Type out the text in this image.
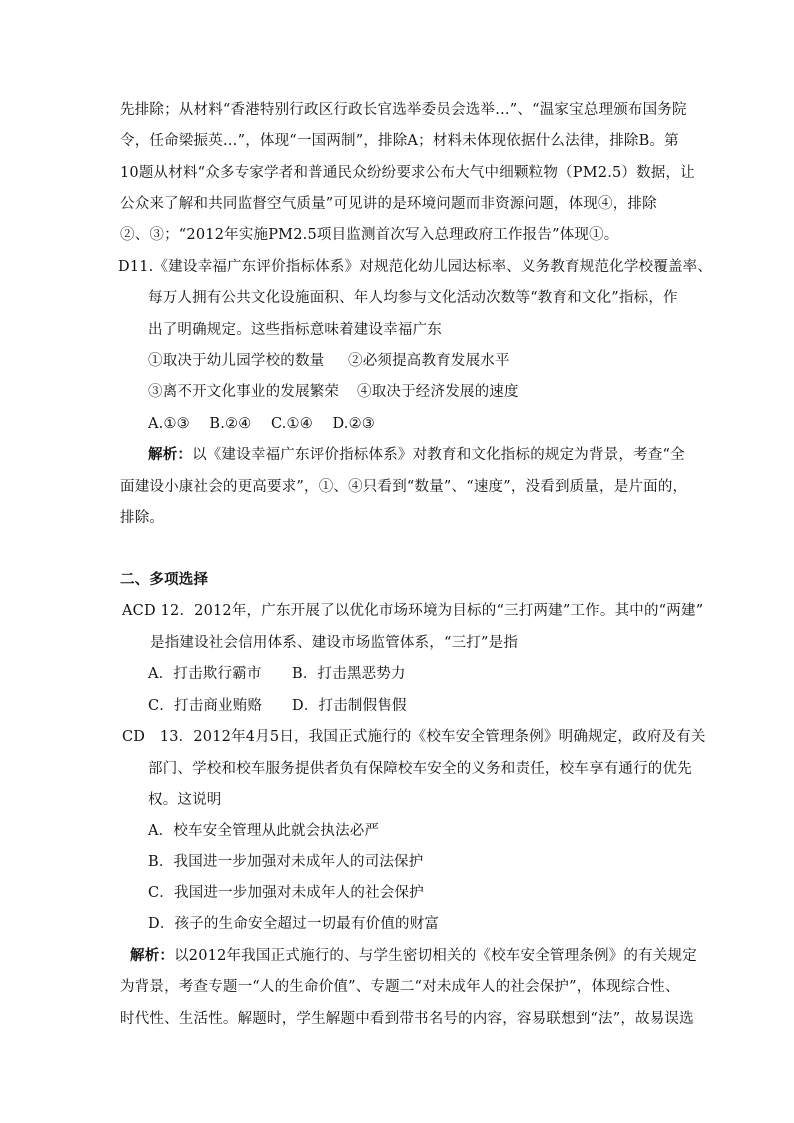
先排除；从材料“香港特别行政区行政长官选举委员会选举…”、“温家宝总理颁布国务院
令，任命梁振英…”，体现“一国两制”，排除A；材料未体现依据什么法律，排除B。第
10题从材料“众多专家学者和普通民众纷纷要求公布大气中细颗粒物（PM2.5）数据，让
公众来了解和共同监督空气质量”可见讲的是环境问题而非资源问题，体现④，排除
②、③；“2012年实施PM2.5项目监测首次写入总理政府工作报告”体现①。
D11.《建设幸福广东评价指标体系》对规范化幼儿园达标率、义务教育规范化学校覆盖率、
每万人拥有公共文化设施面积、年人均参与文化活动次数等“教育和文化”指标，作
出了明确规定。这些指标意味着建设幸福广东
①取决于幼儿园学校的数量 ②必须提高教育发展水平
③离不开文化事业的发展繁荣 ④取决于经济发展的速度
A.①③　 B.②④　 C.①④　 D.②③
解析：以《建设幸福广东评价指标体系》对教育和文化指标的规定为背景，考查“全
面建设小康社会的更高要求”，①、④只看到“数量”、“速度”，没看到质量，是片面的，
排除。
二、多项选择
ACD 12．2012年，广东开展了以优化市场环境为目标的“三打两建”工作。其中的“两建”
是指建设社会信用体系、建设市场监管体系，“三打”是指
A．打击欺行霸市 B．打击黑恶势力
C．打击商业贿赂 D．打击制假售假
CD　13．2012年4月5日，我国正式施行的《校车安全管理条例》明确规定，政府及有关
部门、学校和校车服务提供者负有保障校车安全的义务和责任，校车享有通行的优先
权。这说明
A．校车安全管理从此就会执法必严
B．我国进一步加强对未成年人的司法保护
C．我国进一步加强对未成年人的社会保护
D．孩子的生命安全超过一切最有价值的财富
解析：以2012年我国正式施行的、与学生密切相关的《校车安全管理条例》的有关规定
为背景，考查专题一“人的生命价值”、专题二“对未成年人的社会保护”，体现综合性、
时代性、生活性。解题时，学生解题中看到带书名号的内容，容易联想到“法”，故易误选
